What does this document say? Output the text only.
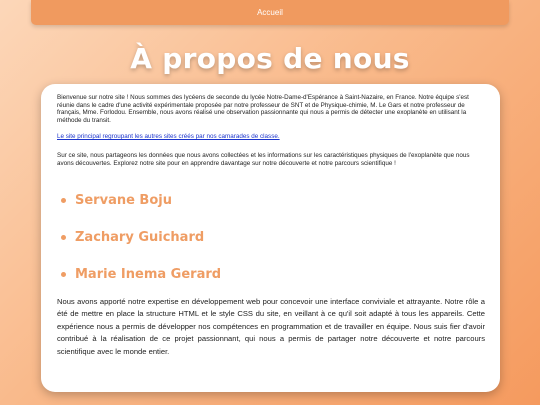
Accueil
À propos de nous

Bienvenue sur notre site ! Nous sommes des lycéens de seconde du lycée Notre-Dame-d'Espérance à Saint-Nazaire, en France. Notre équipe s'est réunie dans le cadre d'une activité expérimentale proposée par notre professeur de SNT et de Physique-chimie, M. Le Gars et notre professeur de français, Mme. Forlodou. Ensemble, nous avons réalisé une observation passionnante qui nous a permis de détecter une exoplanète en utilisant la méthode du transit.

Le site principal regroupant les autres sites créés par nos camarades de classe.

Sur ce site, nous partageons les données que nous avons collectées et les informations sur les caractéristiques physiques de l'exoplanète que nous avons découvertes. Explorez notre site pour en apprendre davantage sur notre découverte et notre parcours scientifique !

Servane Boju
Zachary Guichard
Marie Inema Gerard

Nous avons apporté notre expertise en développement web pour concevoir une interface conviviale et attrayante. Notre rôle a été de mettre en place la structure HTML et le style CSS du site, en veillant à ce qu'il soit adapté à tous les appareils. Cette expérience nous a permis de développer nos compétences en programmation et de travailler en équipe. Nous suis fier d'avoir contribué à la réalisation de ce projet passionnant, qui nous a permis de partager notre découverte et notre parcours scientifique avec le monde entier.
